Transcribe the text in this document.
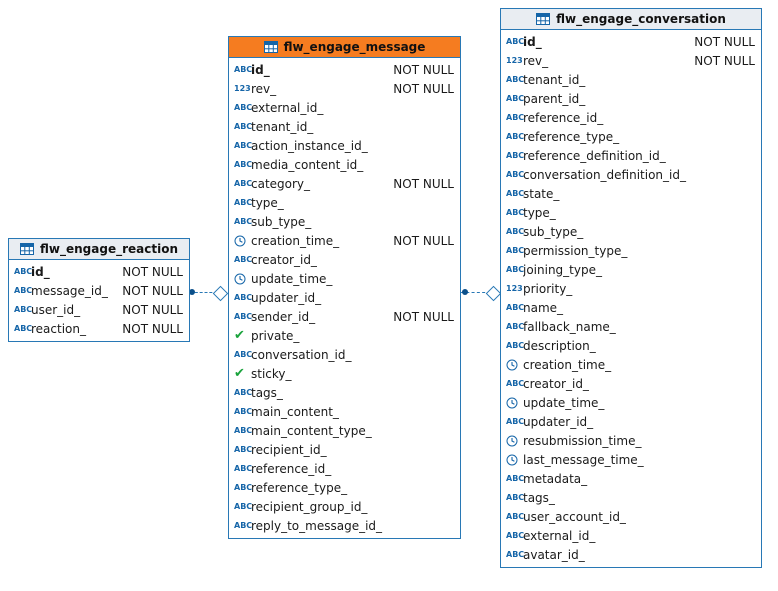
flw_engage_reaction
ABC
id_	NOT NULL
ABC
message_id_	NOT NULL
ABC
user_id_	NOT NULL
ABC
reaction_	NOT NULL
flw_engage_message
ABC
id_	NOT NULL
123 rev_	NOT NULL
ABC
external_id_
ABC
tenant_id_
ABC
action_instance_id_
ABC
media_content_id_
ABC
category_	NOT NULL
ABC
type_
ABC
sub_type_
creation_time_	NOT NULL
ABC
creator_id_
update_time_
ABC
updater_id_
ABC
sender_id_	NOT NULL
✔ private_
ABC
conversation_id_
✔ sticky_
ABC
tags_
ABC
main_content_
ABC
main_content_type_
ABC
recipient_id_
ABC
reference_id_
ABC
reference_type_
ABC
recipient_group_id_
ABC
reply_to_message_id_
flw_engage_conversation
ABC
id_	NOT NULL
123 rev_	NOT NULL
ABC
tenant_id_
ABC
parent_id_
ABC
reference_id_
ABC
reference_type_
ABC
reference_definition_id_
ABC
conversation_definition_id_
ABC
state_
ABC
type_
ABC
sub_type_
ABC
permission_type_
ABC
joining_type_
123 priority_
ABC
name_
ABC
fallback_name_
ABC
description_
creation_time_
ABC
creator_id_
update_time_
ABC
updater_id_
resubmission_time_
last_message_time_
ABC
metadata_
ABC
tags_
ABC
user_account_id_
ABC
external_id_
ABC
avatar_id_
